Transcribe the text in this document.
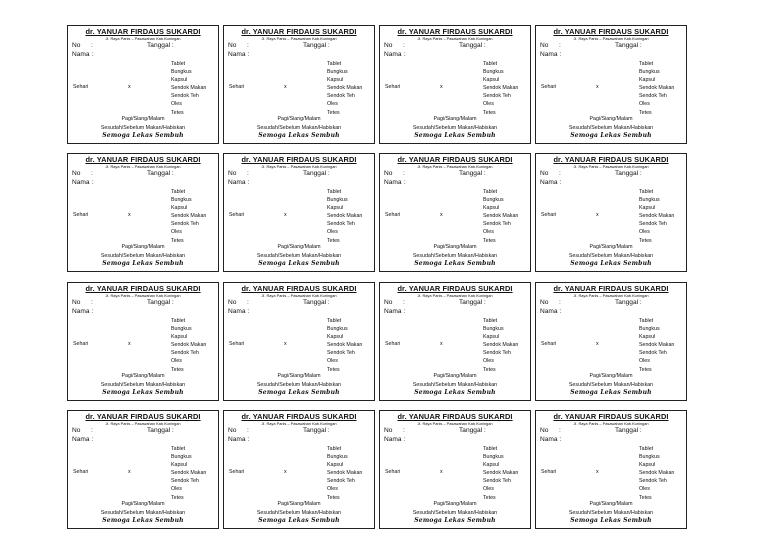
dr. YANUAR FIRDAUS SUKARDI
Jl. Raya Panis – Pasawahan Kab.Kuningan
No :	Tanggal :
Nama :
Tablet
Bungkus
Kapsul
Sendok Makan
Sendok Teh
Oles
Tetes
Sehari	x
Pagi/Siang/Malam
Sesudah/Sebelum Makan/Habiskan
Semoga Lekas Sembuh
dr. YANUAR FIRDAUS SUKARDI
Jl. Raya Panis – Pasawahan Kab.Kuningan
No :	Tanggal :
Nama :
Tablet
Bungkus
Kapsul
Sendok Makan
Sendok Teh
Oles
Tetes
Sehari	x
Pagi/Siang/Malam
Sesudah/Sebelum Makan/Habiskan
Semoga Lekas Sembuh
dr. YANUAR FIRDAUS SUKARDI
Jl. Raya Panis – Pasawahan Kab.Kuningan
No :	Tanggal :
Nama :
Tablet
Bungkus
Kapsul
Sendok Makan
Sendok Teh
Oles
Tetes
Sehari	x
Pagi/Siang/Malam
Sesudah/Sebelum Makan/Habiskan
Semoga Lekas Sembuh
dr. YANUAR FIRDAUS SUKARDI
Jl. Raya Panis – Pasawahan Kab.Kuningan
No :	Tanggal :
Nama :
Tablet
Bungkus
Kapsul
Sendok Makan
Sendok Teh
Oles
Tetes
Sehari	x
Pagi/Siang/Malam
Sesudah/Sebelum Makan/Habiskan
Semoga Lekas Sembuh
dr. YANUAR FIRDAUS SUKARDI
Jl. Raya Panis – Pasawahan Kab.Kuningan
No :	Tanggal :
Nama :
Tablet
Bungkus
Kapsul
Sendok Makan
Sendok Teh
Oles
Tetes
Sehari	x
Pagi/Siang/Malam
Sesudah/Sebelum Makan/Habiskan
Semoga Lekas Sembuh
dr. YANUAR FIRDAUS SUKARDI
Jl. Raya Panis – Pasawahan Kab.Kuningan
No :	Tanggal :
Nama :
Tablet
Bungkus
Kapsul
Sendok Makan
Sendok Teh
Oles
Tetes
Sehari	x
Pagi/Siang/Malam
Sesudah/Sebelum Makan/Habiskan
Semoga Lekas Sembuh
dr. YANUAR FIRDAUS SUKARDI
Jl. Raya Panis – Pasawahan Kab.Kuningan
No :	Tanggal :
Nama :
Tablet
Bungkus
Kapsul
Sendok Makan
Sendok Teh
Oles
Tetes
Sehari	x
Pagi/Siang/Malam
Sesudah/Sebelum Makan/Habiskan
Semoga Lekas Sembuh
dr. YANUAR FIRDAUS SUKARDI
Jl. Raya Panis – Pasawahan Kab.Kuningan
No :	Tanggal :
Nama :
Tablet
Bungkus
Kapsul
Sendok Makan
Sendok Teh
Oles
Tetes
Sehari	x
Pagi/Siang/Malam
Sesudah/Sebelum Makan/Habiskan
Semoga Lekas Sembuh
dr. YANUAR FIRDAUS SUKARDI
Jl. Raya Panis – Pasawahan Kab.Kuningan
No :	Tanggal :
Nama :
Tablet
Bungkus
Kapsul
Sendok Makan
Sendok Teh
Oles
Tetes
Sehari	x
Pagi/Siang/Malam
Sesudah/Sebelum Makan/Habiskan
Semoga Lekas Sembuh
dr. YANUAR FIRDAUS SUKARDI
Jl. Raya Panis – Pasawahan Kab.Kuningan
No :	Tanggal :
Nama :
Tablet
Bungkus
Kapsul
Sendok Makan
Sendok Teh
Oles
Tetes
Sehari	x
Pagi/Siang/Malam
Sesudah/Sebelum Makan/Habiskan
Semoga Lekas Sembuh
dr. YANUAR FIRDAUS SUKARDI
Jl. Raya Panis – Pasawahan Kab.Kuningan
No :	Tanggal :
Nama :
Tablet
Bungkus
Kapsul
Sendok Makan
Sendok Teh
Oles
Tetes
Sehari	x
Pagi/Siang/Malam
Sesudah/Sebelum Makan/Habiskan
Semoga Lekas Sembuh
dr. YANUAR FIRDAUS SUKARDI
Jl. Raya Panis – Pasawahan Kab.Kuningan
No :	Tanggal :
Nama :
Tablet
Bungkus
Kapsul
Sendok Makan
Sendok Teh
Oles
Tetes
Sehari	x
Pagi/Siang/Malam
Sesudah/Sebelum Makan/Habiskan
Semoga Lekas Sembuh
dr. YANUAR FIRDAUS SUKARDI
Jl. Raya Panis – Pasawahan Kab.Kuningan
No :	Tanggal :
Nama :
Tablet
Bungkus
Kapsul
Sendok Makan
Sendok Teh
Oles
Tetes
Sehari	x
Pagi/Siang/Malam
Sesudah/Sebelum Makan/Habiskan
Semoga Lekas Sembuh
dr. YANUAR FIRDAUS SUKARDI
Jl. Raya Panis – Pasawahan Kab.Kuningan
No :	Tanggal :
Nama :
Tablet
Bungkus
Kapsul
Sendok Makan
Sendok Teh
Oles
Tetes
Sehari	x
Pagi/Siang/Malam
Sesudah/Sebelum Makan/Habiskan
Semoga Lekas Sembuh
dr. YANUAR FIRDAUS SUKARDI
Jl. Raya Panis – Pasawahan Kab.Kuningan
No :	Tanggal :
Nama :
Tablet
Bungkus
Kapsul
Sendok Makan
Sendok Teh
Oles
Tetes
Sehari	x
Pagi/Siang/Malam
Sesudah/Sebelum Makan/Habiskan
Semoga Lekas Sembuh
dr. YANUAR FIRDAUS SUKARDI
Jl. Raya Panis – Pasawahan Kab.Kuningan
No :	Tanggal :
Nama :
Tablet
Bungkus
Kapsul
Sendok Makan
Sendok Teh
Oles
Tetes
Sehari	x
Pagi/Siang/Malam
Sesudah/Sebelum Makan/Habiskan
Semoga Lekas Sembuh
